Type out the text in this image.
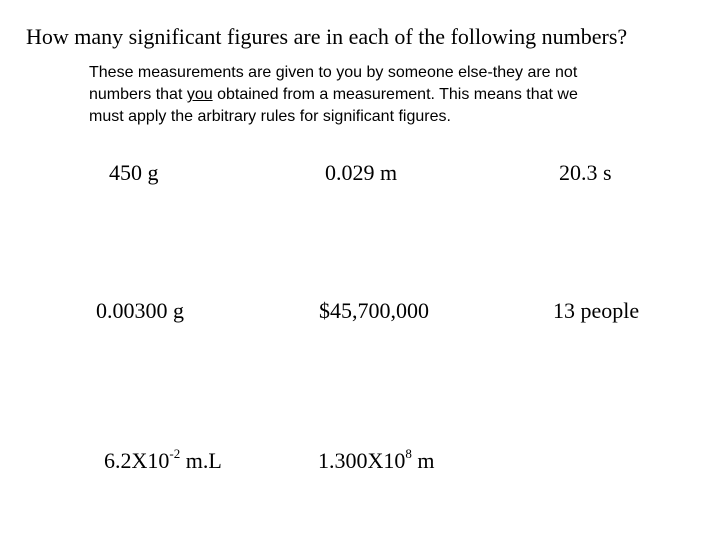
How many significant figures are in each of the following numbers?
These measurements are given to you by someone else-they are not
numbers that you obtained from a measurement. This means that we
must apply the arbitrary rules for significant figures.
450 g	0.029 m	20.3 s
0.00300 g	$45,700,000	13 people
$6.2X10^{-2}$ m.L	$1.300X10^8$ m
